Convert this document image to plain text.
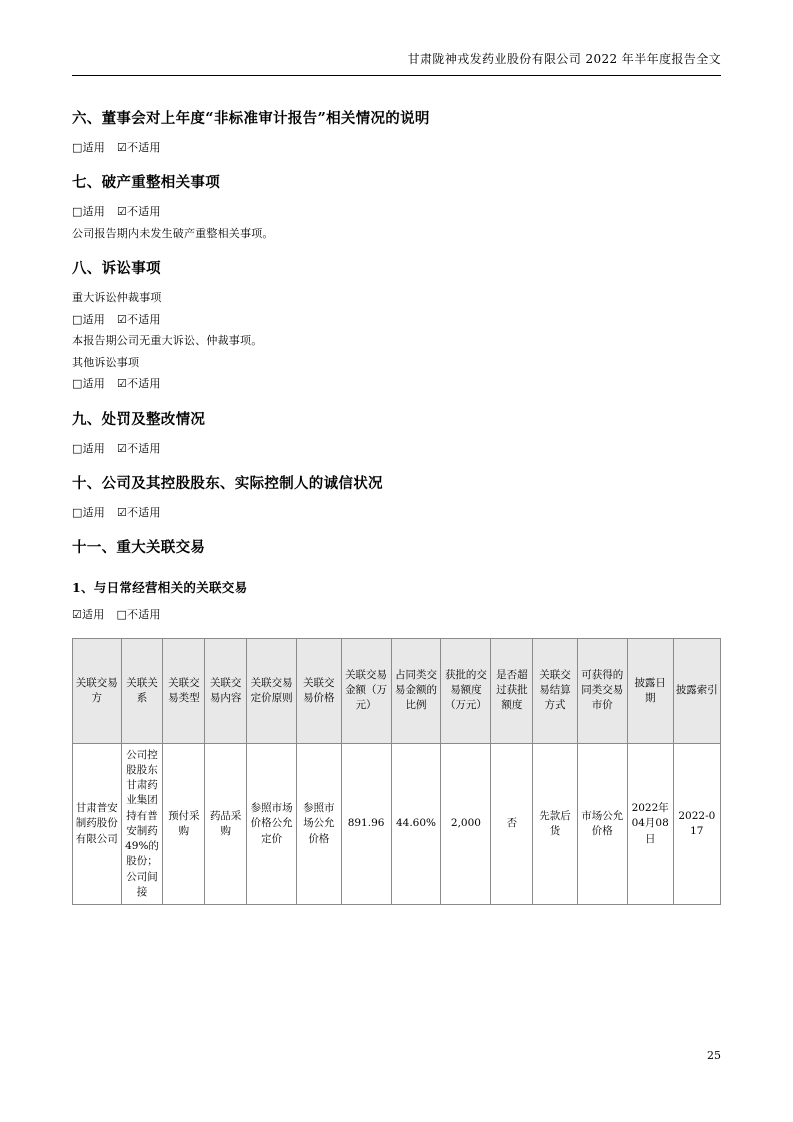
甘肃陇神戎发药业股份有限公司 2022 年半年度报告全文
六、董事会对上年度“非标准审计报告”相关情况的说明

□适用 ☑不适用

七、破产重整相关事项

□适用 ☑不适用

公司报告期内未发生破产重整相关事项。

八、诉讼事项

重大诉讼仲裁事项

□适用 ☑不适用

本报告期公司无重大诉讼、仲裁事项。

其他诉讼事项

□适用 ☑不适用

九、处罚及整改情况

□适用 ☑不适用

十、公司及其控股股东、实际控制人的诚信状况

□适用 ☑不适用

十一、重大关联交易
1、与日常经营相关的关联交易

☑适用 □不适用

关联交易方	关联关系	关联交易类型	关联交易内容	关联交易定价原则	关联交易价格	关联交易金额（万元）	占同类交易金额的比例	获批的交易额度（万元）	是否超过获批额度	关联交易结算方式	可获得的同类交易市价	披露日期	披露索引
甘肃普安制药股份有限公司	公司控股股东甘肃药业集团持有普安制药49%的股份；公司间接	预付采购	药品采购	参照市场价格公允定价	参照市场公允价格	891.96	44.60%	2,000	否	先款后货	市场公允价格	2022年04月08日	2022-017
25
